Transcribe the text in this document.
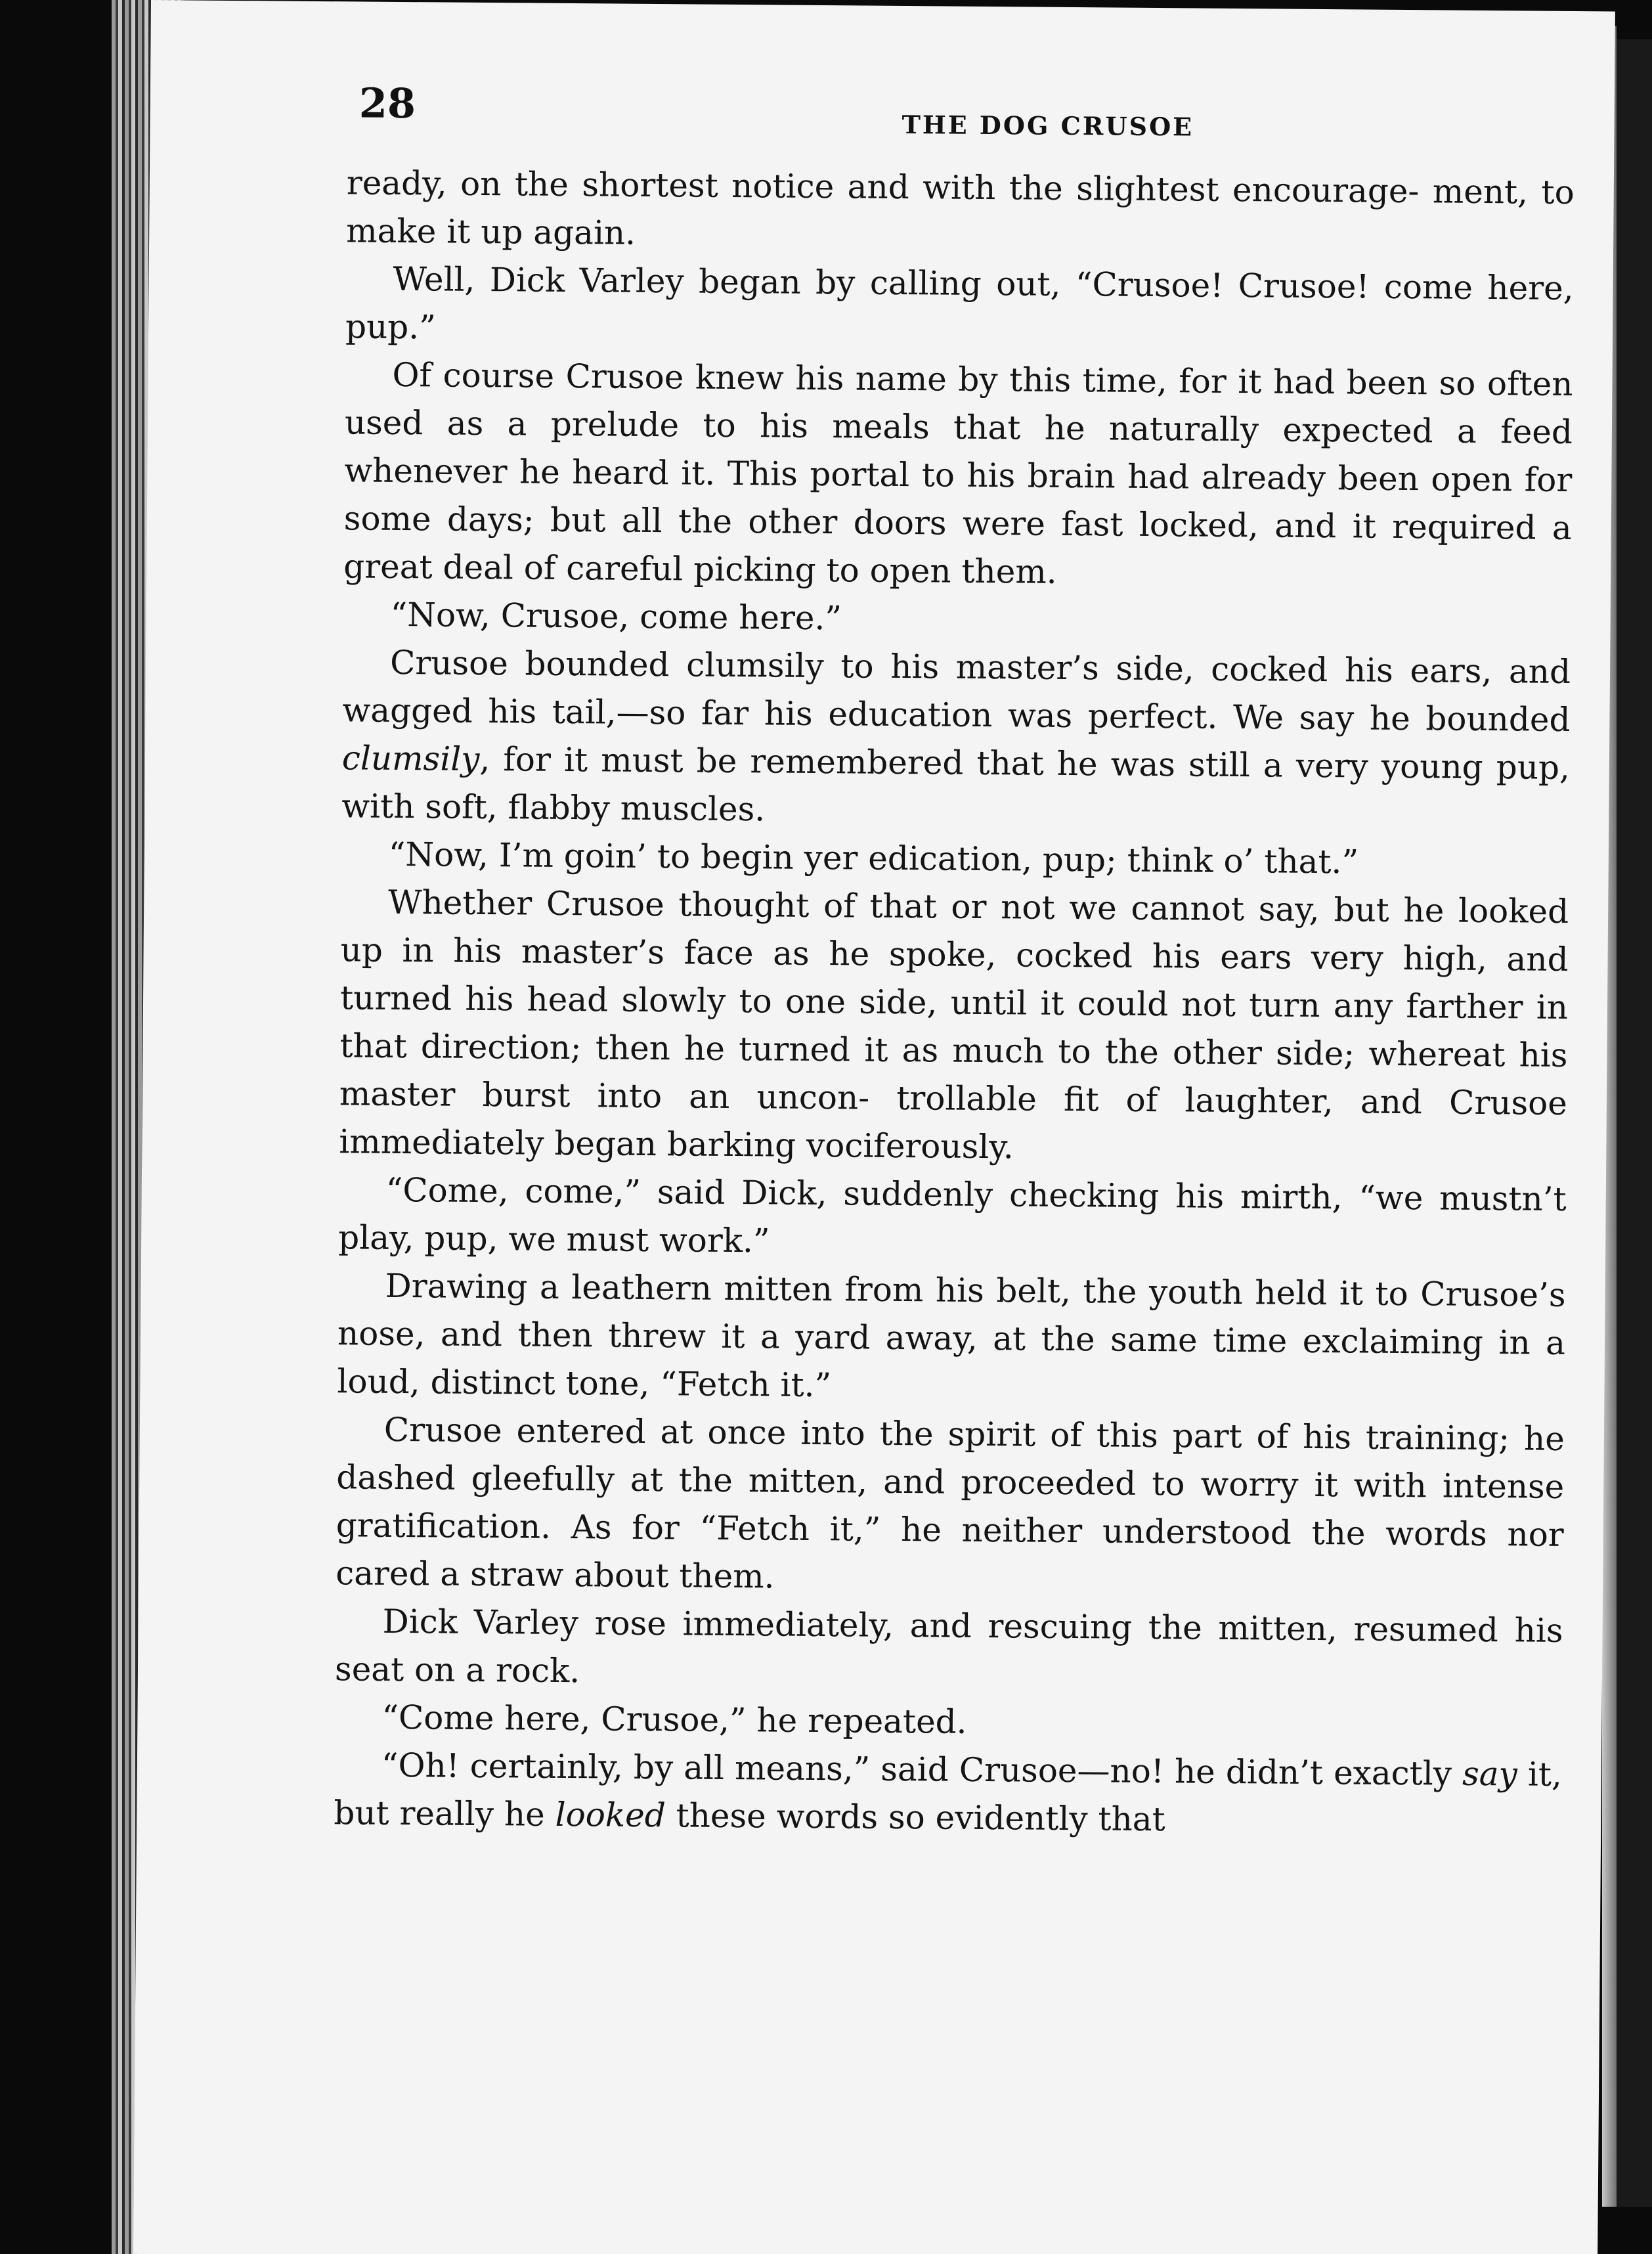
28	THE DOG CRUSOE

ready, on the shortest notice and with the slightest encourage- ment, to make it up again.

Well, Dick Varley began by calling out, “Crusoe! Crusoe! come here, pup.”

Of course Crusoe knew his name by this time, for it had been so often used as a prelude to his meals that he naturally expected a feed whenever he heard it. This portal to his brain had already been open for some days; but all the other doors were fast locked, and it required a great deal of careful picking to open them.

“Now, Crusoe, come here.”

Crusoe bounded clumsily to his master’s side, cocked his ears, and wagged his tail,—so far his education was perfect. We say he bounded clumsily, for it must be remembered that he was still a very young pup, with soft, flabby muscles.

“Now, I’m goin’ to begin yer edication, pup; think o’ that.”

Whether Crusoe thought of that or not we cannot say, but he looked up in his master’s face as he spoke, cocked his ears very high, and turned his head slowly to one side, until it could not turn any farther in that direction; then he turned it as much to the other side; whereat his master burst into an uncon- trollable fit of laughter, and Crusoe immediately began barking vociferously.

“Come, come,” said Dick, suddenly checking his mirth, “we mustn’t play, pup, we must work.”

Drawing a leathern mitten from his belt, the youth held it to Crusoe’s nose, and then threw it a yard away, at the same time exclaiming in a loud, distinct tone, “Fetch it.”

Crusoe entered at once into the spirit of this part of his training; he dashed gleefully at the mitten, and proceeded to worry it with intense gratification. As for “Fetch it,” he neither understood the words nor cared a straw about them.

Dick Varley rose immediately, and rescuing the mitten, resumed his seat on a rock.

“Come here, Crusoe,” he repeated.

“Oh! certainly, by all means,” said Crusoe—no! he didn’t exactly say it, but really he looked these words so evidently that
